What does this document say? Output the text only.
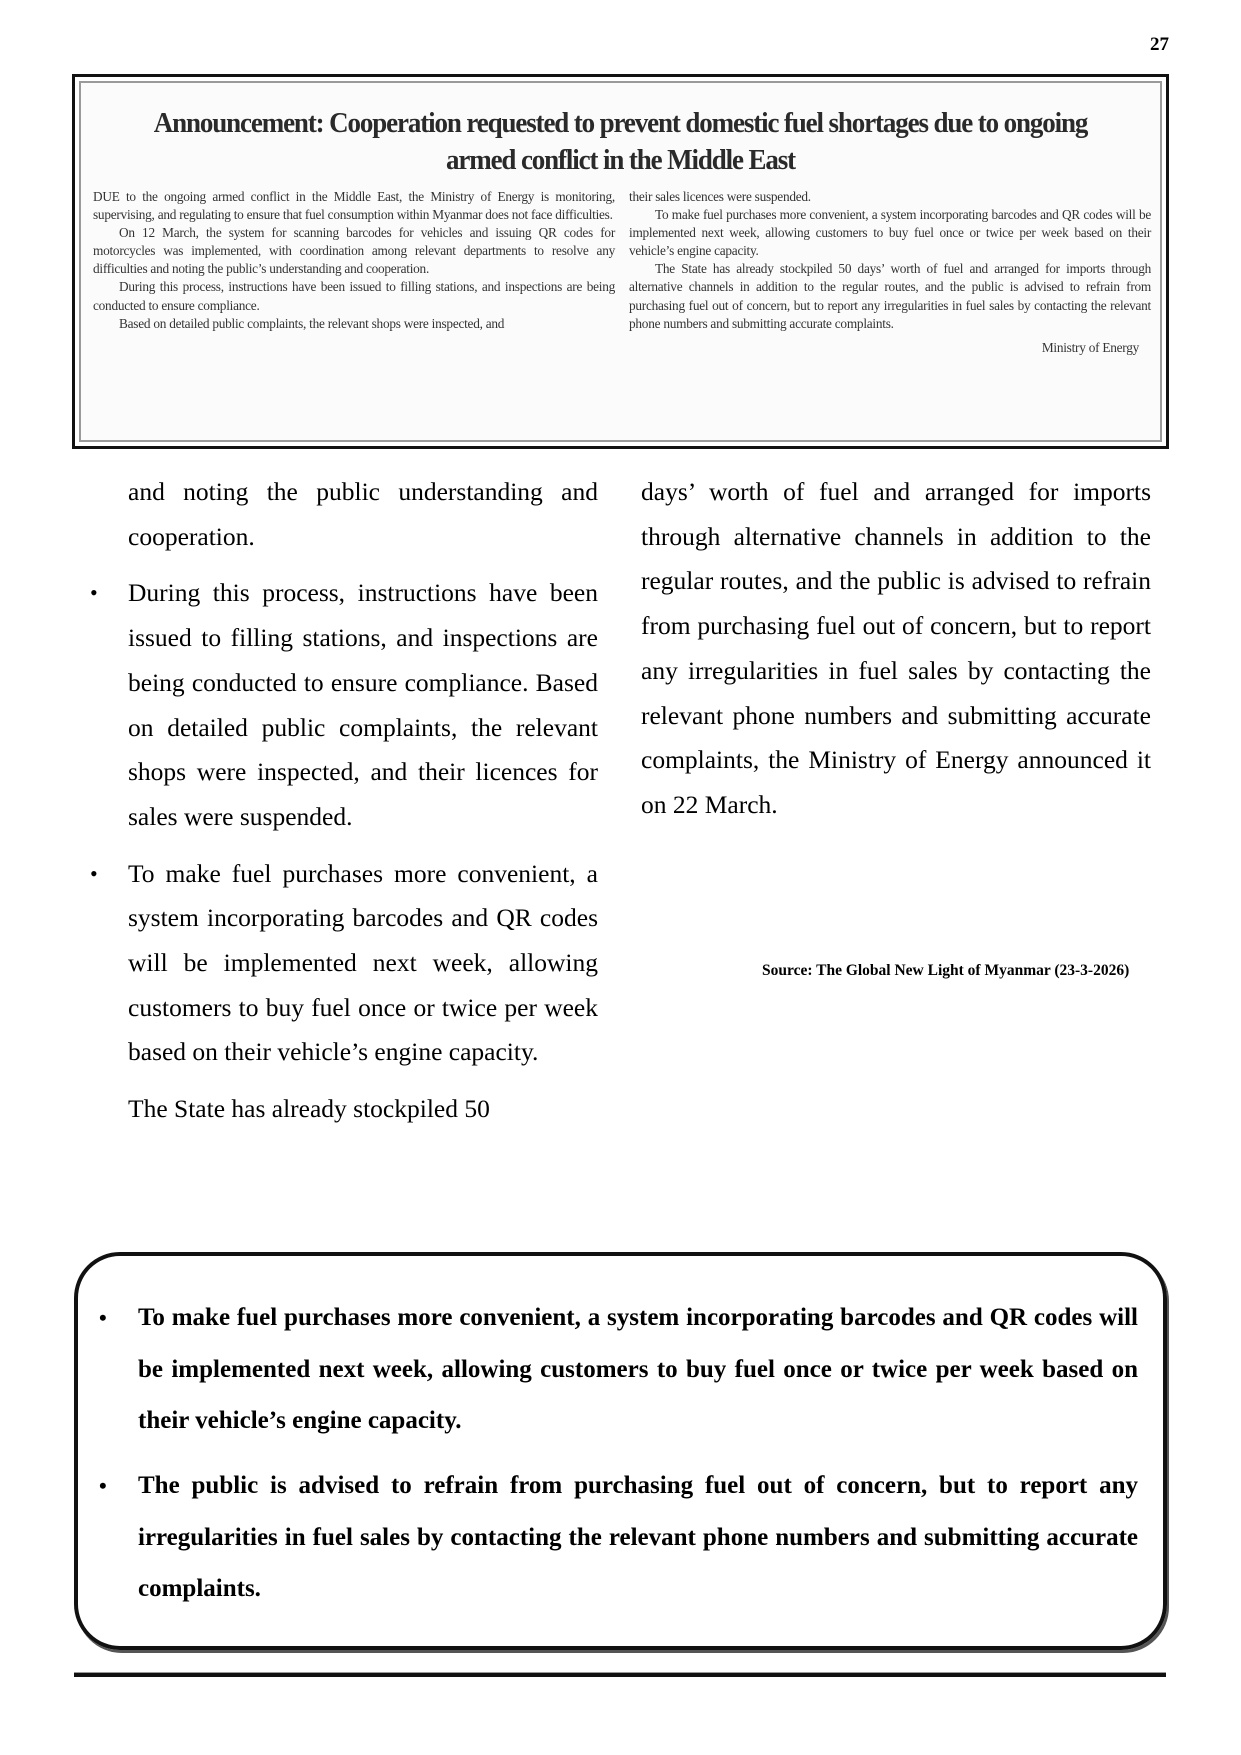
27
Announcement: Cooperation requested to prevent domestic fuel shortages due to ongoing armed conflict in the Middle East

DUE to the ongoing armed conflict in the Middle East, the Ministry of Energy is monitoring, supervising, and regulating to ensure that fuel consumption within Myanmar does not face difficulties.

On 12 March, the system for scanning barcodes for vehicles and issuing QR codes for motorcycles was implemented, with coordination among relevant departments to resolve any difficulties and noting the public’s understanding and cooperation.

During this process, instructions have been issued to filling stations, and inspections are being conducted to ensure compliance.

Based on detailed public complaints, the relevant shops were inspected, and

their sales licences were suspended.

To make fuel purchases more convenient, a system incorporating barcodes and QR codes will be implemented next week, allowing customers to buy fuel once or twice per week based on their vehicle’s engine capacity.

The State has already stockpiled 50 days’ worth of fuel and arranged for imports through alternative channels in addition to the regular routes, and the public is advised to refrain from purchasing fuel out of concern, but to report any irregularities in fuel sales by contacting the relevant phone numbers and submitting accurate complaints.

Ministry of Energy

and noting the public understanding and cooperation.

• During this process, instructions have been issued to filling stations, and inspections are being conducted to ensure compliance. Based on detailed public complaints, the relevant shops were inspected, and their licences for sales were suspended.

• To make fuel purchases more convenient, a system incorporating barcodes and QR codes will be implemented next week, allowing customers to buy fuel once or twice per week based on their vehicle’s engine capacity.

The State has already stockpiled 50

days’ worth of fuel and arranged for imports through alternative channels in addition to the regular routes, and the public is advised to refrain from purchasing fuel out of concern, but to report any irregularities in fuel sales by contacting the relevant phone numbers and submitting accurate complaints, the Ministry of Energy announced it on 22 March.

Source: The Global New Light of Myanmar (23-3-2026)
• To make fuel purchases more convenient, a system incorporating barcodes and QR codes will be implemented next week, allowing customers to buy fuel once or twice per week based on their vehicle’s engine capacity.
• The public is advised to refrain from purchasing fuel out of concern, but to report any irregularities in fuel sales by contacting the relevant phone numbers and submitting accurate complaints.
